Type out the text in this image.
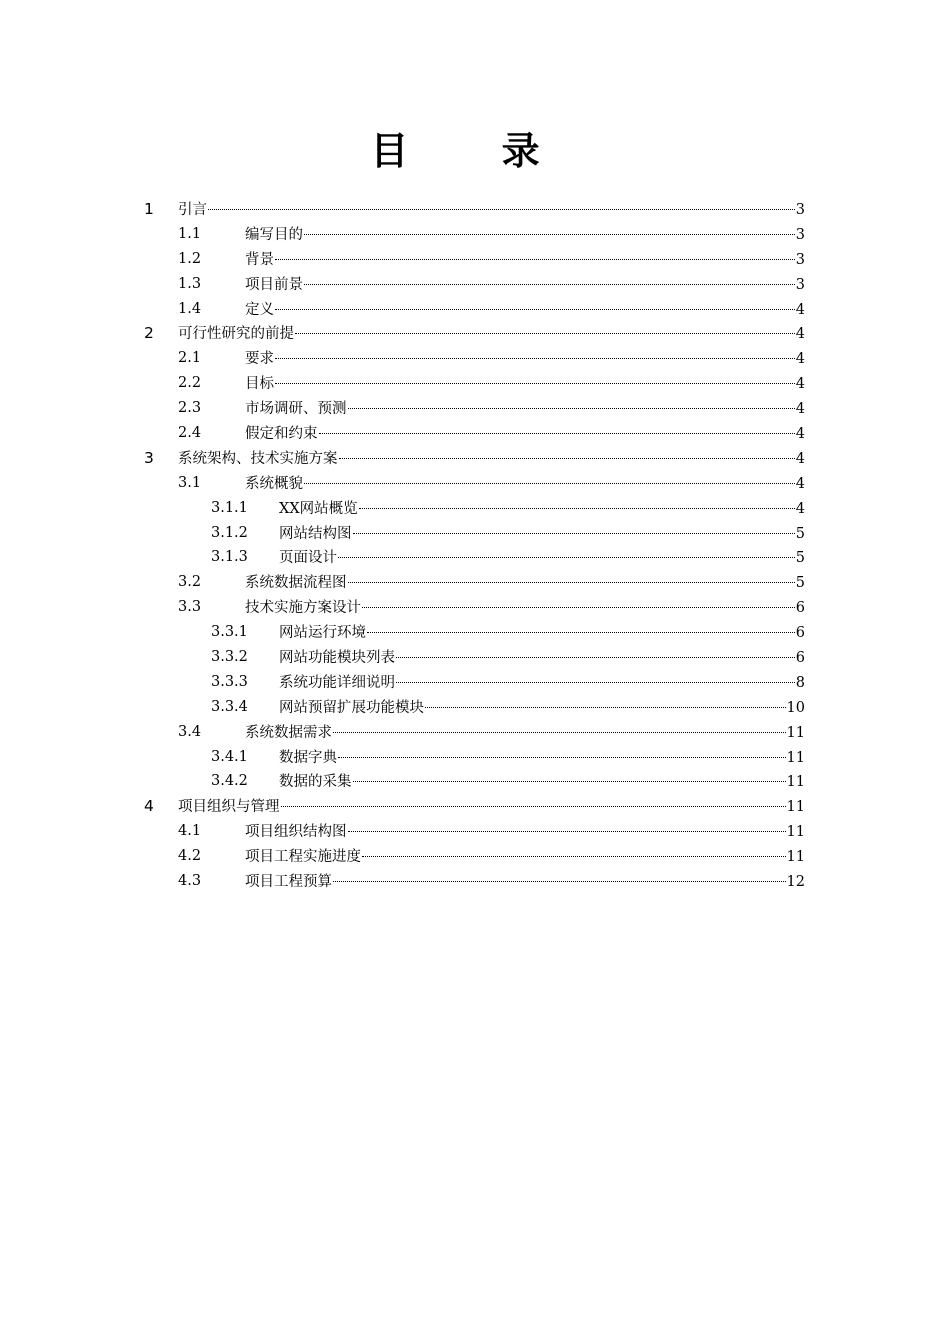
目 录
1 引言	3
1.1	编写目的	3
1.2	背景	3
1.3	项目前景	3
1.4	定义	4
2 可行性研究的前提	4
2.1	要求	4
2.2	目标	4
2.3	市场调研、预测	4
2.4	假定和约束	4
3 系统架构、技术实施方案	4
3.1	系统概貌	4
3.1.1 XX网站概览	4
3.1.2 网站结构图	5
3.1.3 页面设计	5
3.2	系统数据流程图	5
3.3	技术实施方案设计	6
3.3.1 网站运行环境	6
3.3.2 网站功能模块列表	6
3.3.3 系统功能详细说明	8
3.3.4 网站预留扩展功能模块	10
3.4	系统数据需求	11
3.4.1 数据字典	11
3.4.2 数据的采集	11
4 项目组织与管理	11
4.1	项目组织结构图	11
4.2	项目工程实施进度	11
4.3	项目工程预算	12
